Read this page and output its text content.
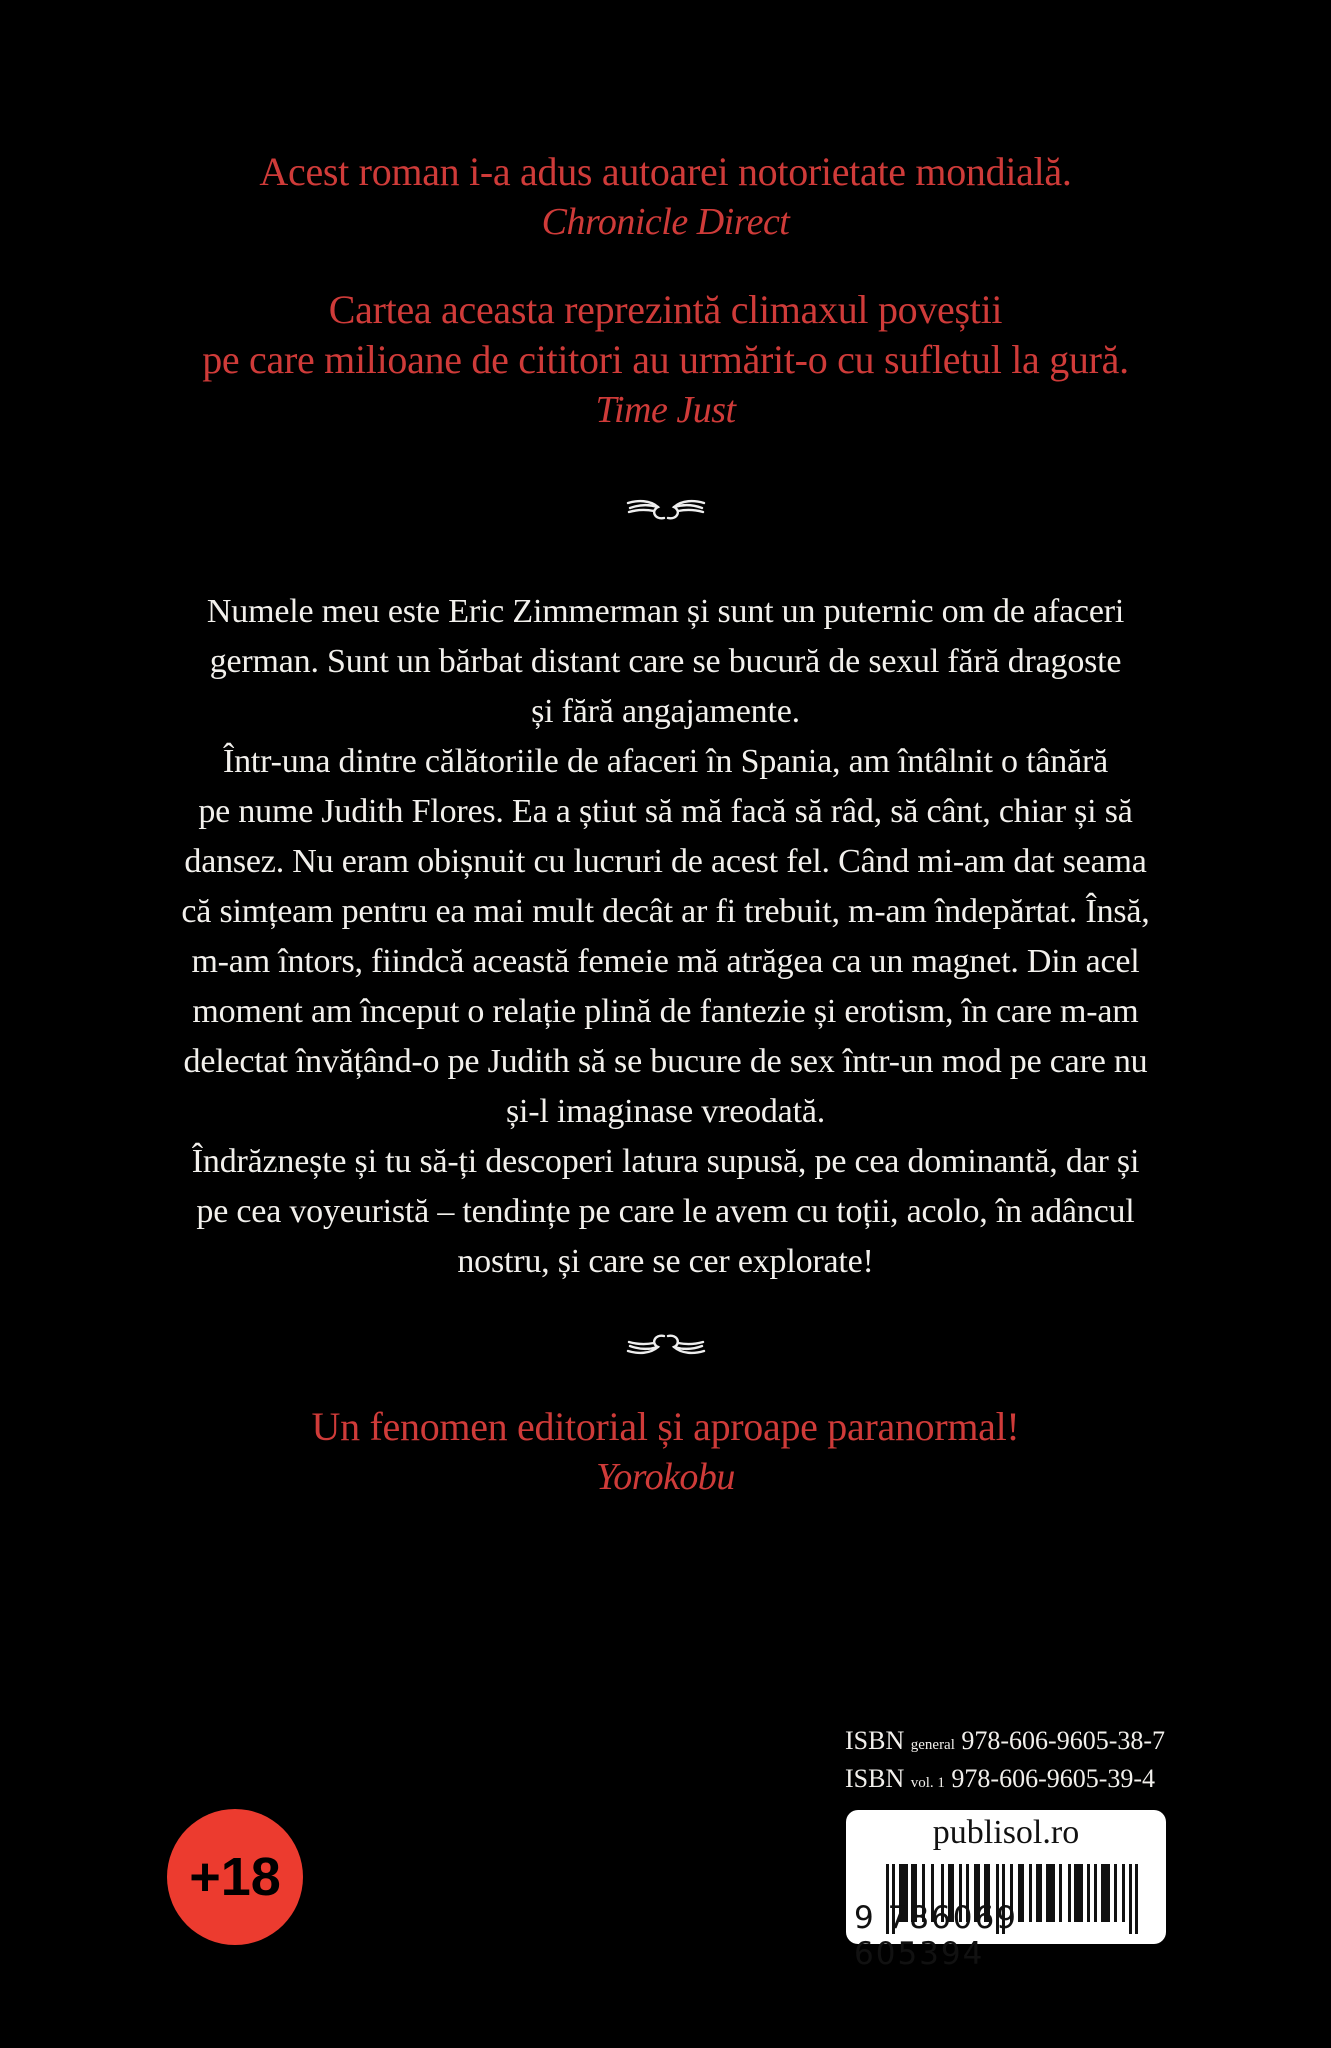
Acest roman i-a adus autoarei notorietate mondială.
Chronicle Direct
Cartea aceasta reprezintă climaxul poveștii
pe care milioane de cititori au urmărit-o cu sufletul la gură.
Time Just
Numele meu este Eric Zimmerman și sunt un puternic om de afaceri
german. Sunt un bărbat distant care se bucură de sexul fără dragoste
și fără angajamente.
Într-una dintre călătoriile de afaceri în Spania, am întâlnit o tânără
pe nume Judith Flores. Ea a știut să mă facă să râd, să cânt, chiar și să
dansez. Nu eram obișnuit cu lucruri de acest fel. Când mi-am dat seama
că simțeam pentru ea mai mult decât ar fi trebuit, m-am îndepărtat. Însă,
m-am întors, fiindcă această femeie mă atrăgea ca un magnet. Din acel
moment am început o relație plină de fantezie și erotism, în care m-am
delectat învățând-o pe Judith să se bucure de sex într-un mod pe care nu
și-l imaginase vreodată.
Îndrăznește și tu să-ți descoperi latura supusă, pe cea dominantă, dar și
pe cea voyeuristă – tendințe pe care le avem cu toții, acolo, în adâncul
nostru, și care se cer explorate!
Un fenomen editorial și aproape paranormal!
Yorokobu
ISBN general 978-606-9605-38-7
ISBN vol. 1 978-606-9605-39-4
publisol.ro
9 786069 605394
+18
